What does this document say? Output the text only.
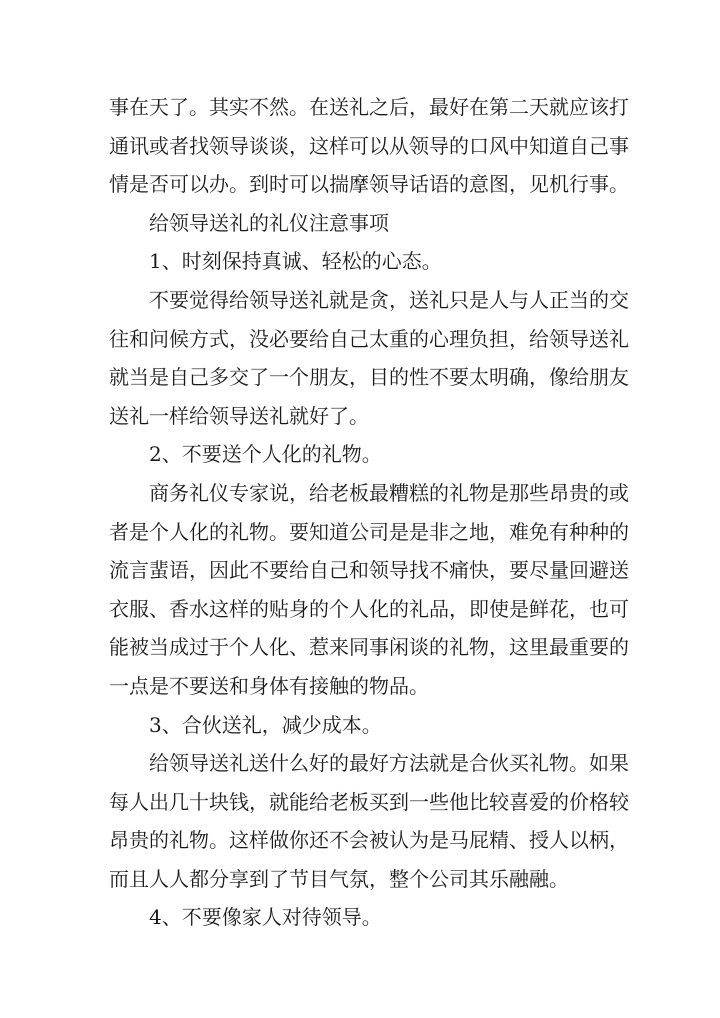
事在天了。其实不然。在送礼之后，最好在第二天就应该打
通讯或者找领导谈谈，这样可以从领导的口风中知道自己事
情是否可以办。到时可以揣摩领导话语的意图，见机行事。

给领导送礼的礼仪注意事项

1、时刻保持真诚、轻松的心态。

不要觉得给领导送礼就是贪，送礼只是人与人正当的交
往和问候方式，没必要给自己太重的心理负担，给领导送礼
就当是自己多交了一个朋友，目的性不要太明确，像给朋友
送礼一样给领导送礼就好了。

2、不要送个人化的礼物。

商务礼仪专家说，给老板最糟糕的礼物是那些昂贵的或
者是个人化的礼物。要知道公司是是非之地，难免有种种的
流言蜚语，因此不要给自己和领导找不痛快，要尽量回避送
衣服、香水这样的贴身的个人化的礼品，即使是鲜花，也可
能被当成过于个人化、惹来同事闲谈的礼物，这里最重要的
一点是不要送和身体有接触的物品。

3、合伙送礼，减少成本。

给领导送礼送什么好的最好方法就是合伙买礼物。如果
每人出几十块钱，就能给老板买到一些他比较喜爱的价格较
昂贵的礼物。这样做你还不会被认为是马屁精、授人以柄，
而且人人都分享到了节目气氛，整个公司其乐融融。

4、不要像家人对待领导。
